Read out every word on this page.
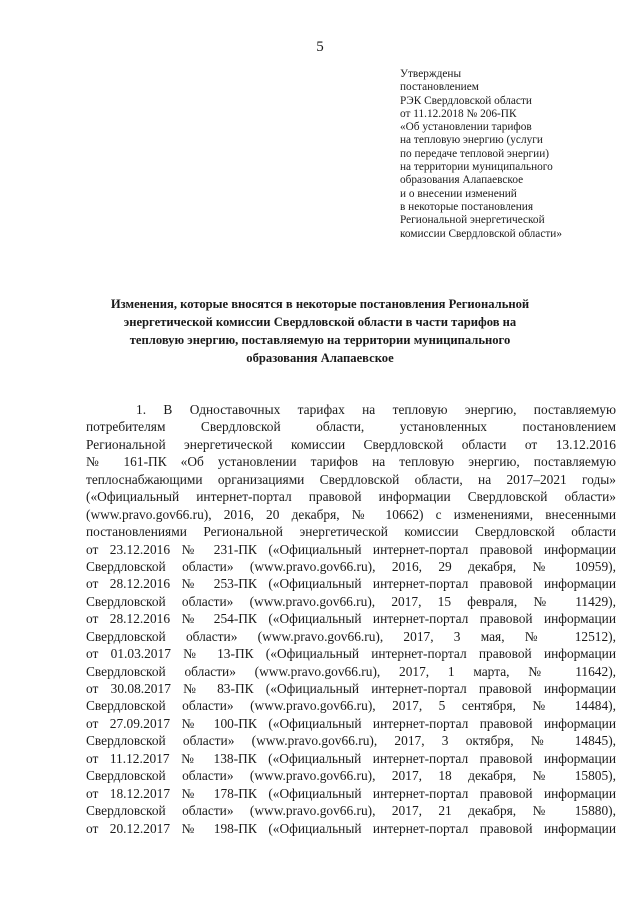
5
Утверждены
постановлением
РЭК Свердловской области
от 11.12.2018 № 206-ПК
«Об установлении тарифов
на тепловую энергию (услуги
по передаче тепловой энергии)
на территории муниципального
образования Алапаевское
и о внесении изменений
в некоторые постановления
Региональной энергетической
комиссии Свердловской области»
Изменения, которые вносятся в некоторые постановления Региональной
энергетической комиссии Свердловской области в части тарифов на
тепловую энергию, поставляемую на территории муниципального
образования Алапаевское
1. В Одноставочных тарифах на тепловую энергию, поставляемую
потребителям Свердловской области, установленных постановлением
Региональной энергетической комиссии Свердловской области от 13.12.2016
№ 161-ПК «Об установлении тарифов на тепловую энергию, поставляемую
теплоснабжающими организациями Свердловской области, на 2017–2021 годы»
(«Официальный интернет-портал правовой информации Свердловской области»
(www.pravo.gov66.ru), 2016, 20 декабря, № 10662) с изменениями, внесенными
постановлениями Региональной энергетической комиссии Свердловской области
от 23.12.2016 № 231-ПК («Официальный интернет-портал правовой информации
Свердловской области» (www.pravo.gov66.ru), 2016, 29 декабря, № 10959),
от 28.12.2016 № 253-ПК («Официальный интернет-портал правовой информации
Свердловской области» (www.pravo.gov66.ru), 2017, 15 февраля, № 11429),
от 28.12.2016 № 254-ПК («Официальный интернет-портал правовой информации
Свердловской области» (www.pravo.gov66.ru), 2017, 3 мая, № 12512),
от 01.03.2017 № 13-ПК («Официальный интернет-портал правовой информации
Свердловской области» (www.pravo.gov66.ru), 2017, 1 марта, № 11642),
от 30.08.2017 № 83-ПК («Официальный интернет-портал правовой информации
Свердловской области» (www.pravo.gov66.ru), 2017, 5 сентября, № 14484),
от 27.09.2017 № 100-ПК («Официальный интернет-портал правовой информации
Свердловской области» (www.pravo.gov66.ru), 2017, 3 октября, № 14845),
от 11.12.2017 № 138-ПК («Официальный интернет-портал правовой информации
Свердловской области» (www.pravo.gov66.ru), 2017, 18 декабря, № 15805),
от 18.12.2017 № 178-ПК («Официальный интернет-портал правовой информации
Свердловской области» (www.pravo.gov66.ru), 2017, 21 декабря, № 15880),
от 20.12.2017 № 198-ПК («Официальный интернет-портал правовой информации
